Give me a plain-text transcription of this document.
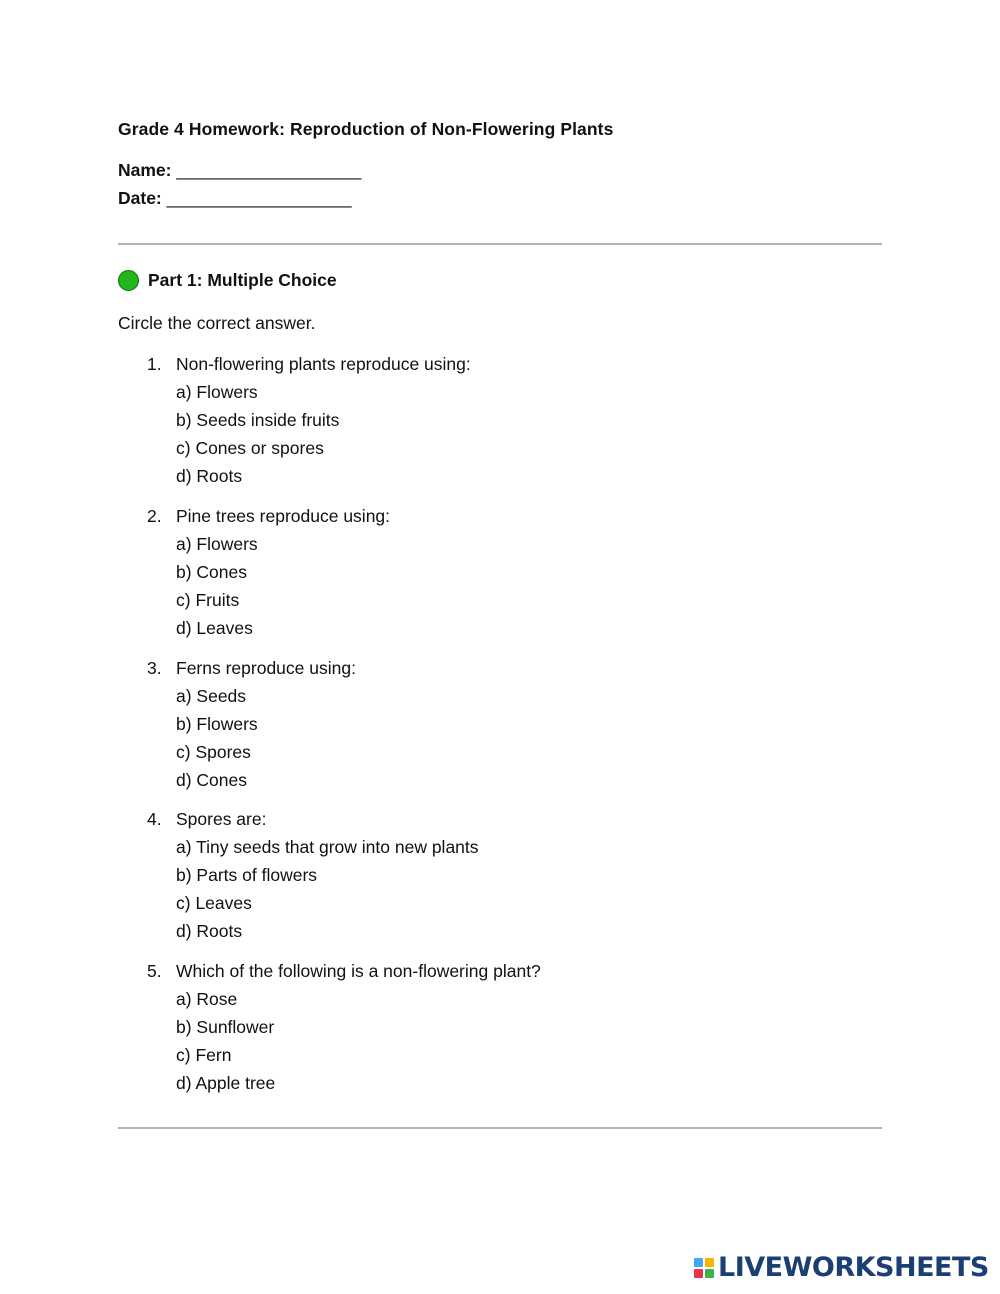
Grade 4 Homework: Reproduction of Non-Flowering Plants
Name: ___________________
Date: ___________________
Part 1: Multiple Choice
Circle the correct answer.
1. Non-flowering plants reproduce using:
a) Flowers
b) Seeds inside fruits
c) Cones or spores
d) Roots
2. Pine trees reproduce using:
a) Flowers
b) Cones
c) Fruits
d) Leaves
3. Ferns reproduce using:
a) Seeds
b) Flowers
c) Spores
d) Cones
4. Spores are:
a) Tiny seeds that grow into new plants
b) Parts of flowers
c) Leaves
d) Roots
5. Which of the following is a non-flowering plant?
a) Rose
b) Sunflower
c) Fern
d) Apple tree
LIVEWORKSHEETS
